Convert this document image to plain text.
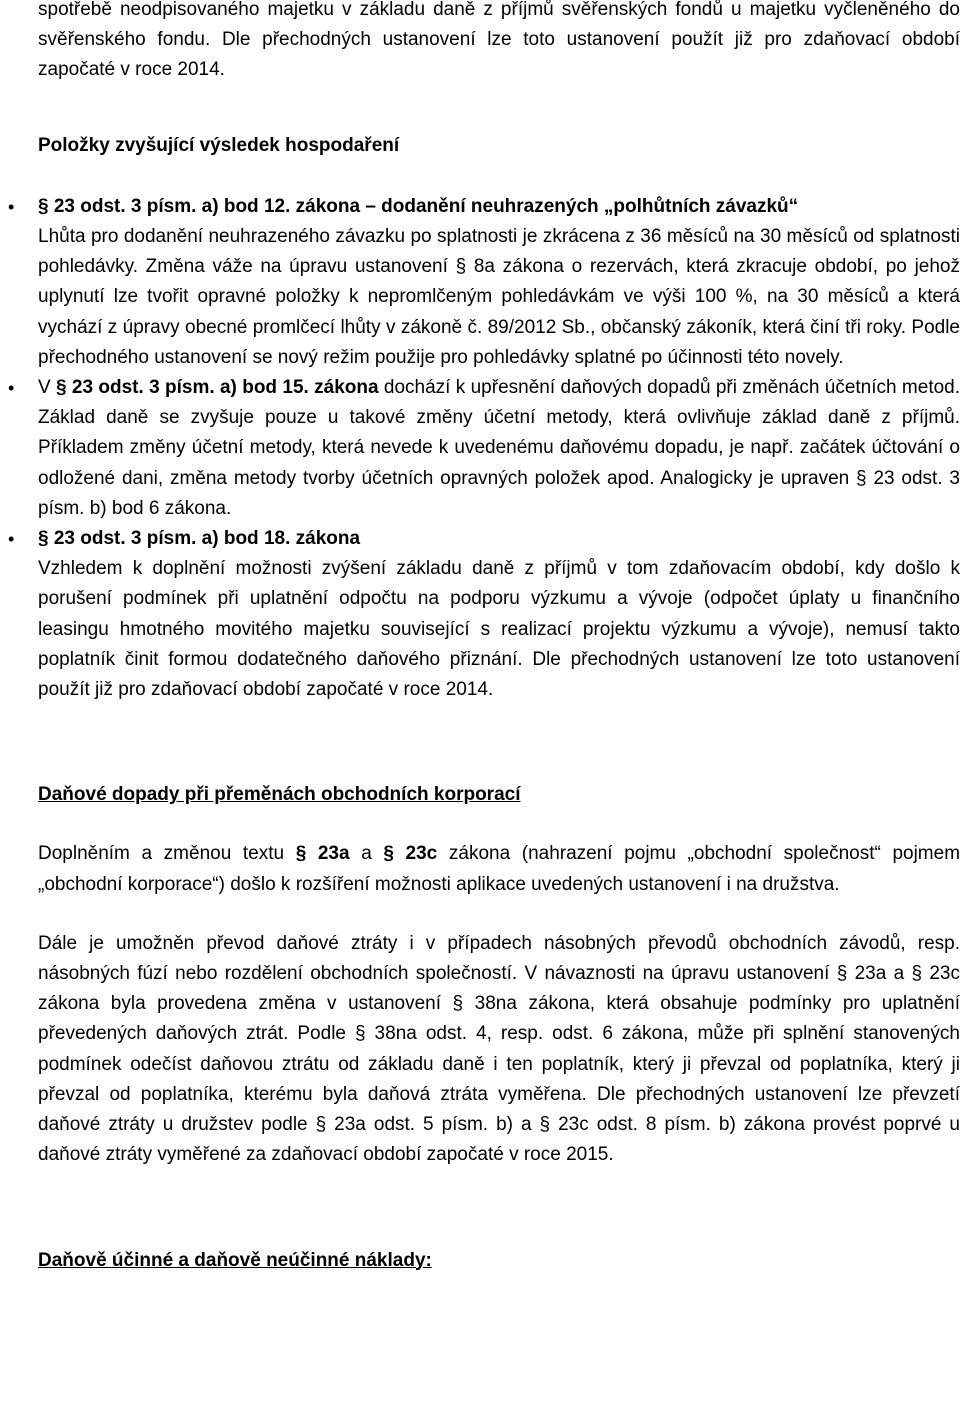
spotřebě neodpisovaného majetku v základu daně z příjmů svěřenských fondů u majetku vyčleněného do svěřenského fondu. Dle přechodných ustanovení lze toto ustanovení použít již pro zdaňovací období započaté v roce 2014.

Položky zvyšující výsledek hospodaření
• § 23 odst. 3 písm. a) bod 12. zákona – dodanění neuhrazených „polhůtních závazků“
Lhůta pro dodanění neuhrazeného závazku po splatnosti je zkrácena z 36 měsíců na 30 měsíců od splatnosti pohledávky. Změna váže na úpravu ustanovení § 8a zákona o rezervách, která zkracuje období, po jehož uplynutí lze tvořit opravné položky k nepromlčeným pohledávkám ve výši 100 %, na 30 měsíců a která vychází z úpravy obecné promlčecí lhůty v zákoně č. 89/2012 Sb., občanský zákoník, která činí tři roky. Podle přechodného ustanovení se nový režim použije pro pohledávky splatné po účinnosti této novely.
• V § 23 odst. 3 písm. a) bod 15. zákona dochází k upřesnění daňových dopadů při změnách účetních metod. Základ daně se zvyšuje pouze u takové změny účetní metody, která ovlivňuje základ daně z příjmů. Příkladem změny účetní metody, která nevede k uvedenému daňovému dopadu, je např. začátek účtování o odložené dani, změna metody tvorby účetních opravných položek apod. Analogicky je upraven § 23 odst. 3 písm. b) bod 6 zákona.
• § 23 odst. 3 písm. a) bod 18. zákona
Vzhledem k doplnění možnosti zvýšení základu daně z příjmů v tom zdaňovacím období, kdy došlo k porušení podmínek při uplatnění odpočtu na podporu výzkumu a vývoje (odpočet úplaty u finančního leasingu hmotného movitého majetku související s realizací projektu výzkumu a vývoje), nemusí takto poplatník činit formou dodatečného daňového přiznání. Dle přechodných ustanovení lze toto ustanovení použít již pro zdaňovací období započaté v roce 2014.
Daňové dopady při přeměnách obchodních korporací

Doplněním a změnou textu § 23a a § 23c zákona (nahrazení pojmu „obchodní společnost“ pojmem „obchodní korporace“) došlo k rozšíření možnosti aplikace uvedených ustanovení i na družstva.

Dále je umožněn převod daňové ztráty i v případech násobných převodů obchodních závodů, resp. násobných fúzí nebo rozdělení obchodních společností. V návaznosti na úpravu ustanovení § 23a a § 23c zákona byla provedena změna v ustanovení § 38na zákona, která obsahuje podmínky pro uplatnění převedených daňových ztrát. Podle § 38na odst. 4, resp. odst. 6 zákona, může při splnění stanovených podmínek odečíst daňovou ztrátu od základu daně i ten poplatník, který ji převzal od poplatníka, který ji převzal od poplatníka, kterému byla daňová ztráta vyměřena. Dle přechodných ustanovení lze převzetí daňové ztráty u družstev podle § 23a odst. 5 písm. b) a § 23c odst. 8 písm. b) zákona provést poprvé u daňové ztráty vyměřené za zdaňovací období započaté v roce 2015.

Daňově účinné a daňově neúčinné náklady:
